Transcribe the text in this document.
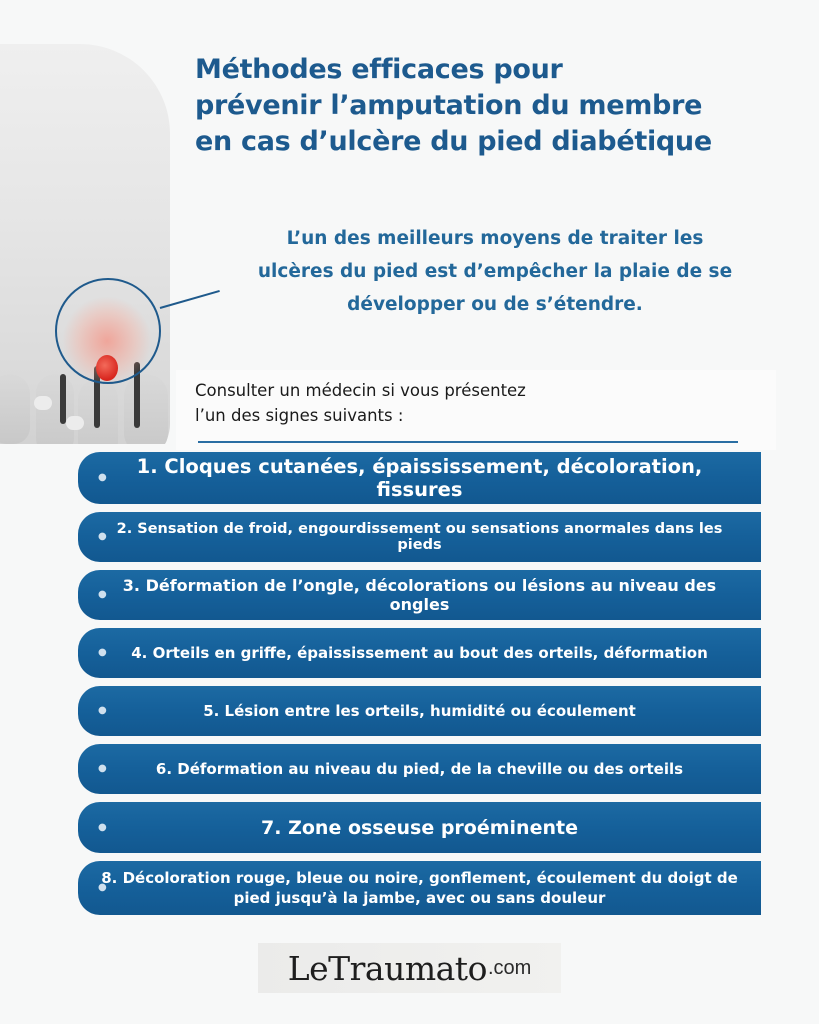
Méthodes efficaces pour
prévenir l’amputation du membre
en cas d’ulcère du pied diabétique
L’un des meilleurs moyens de traiter les
ulcères du pied est d’empêcher la plaie de se
développer ou de s’étendre.
Consulter un médecin si vous présentez
l’un des signes suivants :
●	1. Cloques cutanées, épaississement, décoloration, fissures
● 2. Sensation de froid, engourdissement ou sensations anormales dans les pieds
●	3. Déformation de l’ongle, décolorations ou lésions au niveau des ongles
●	4. Orteils en griffe, épaississement au bout des orteils, déformation
●	5. Lésion entre les orteils, humidité ou écoulement
●	6. Déformation au niveau du pied, de la cheville ou des orteils
●	7. Zone osseuse proéminente
●
8. Décoloration rouge, bleue ou noire, gonflement, écoulement du doigt de pied jusqu’à la jambe, avec ou sans douleur
LeTraumato .com
